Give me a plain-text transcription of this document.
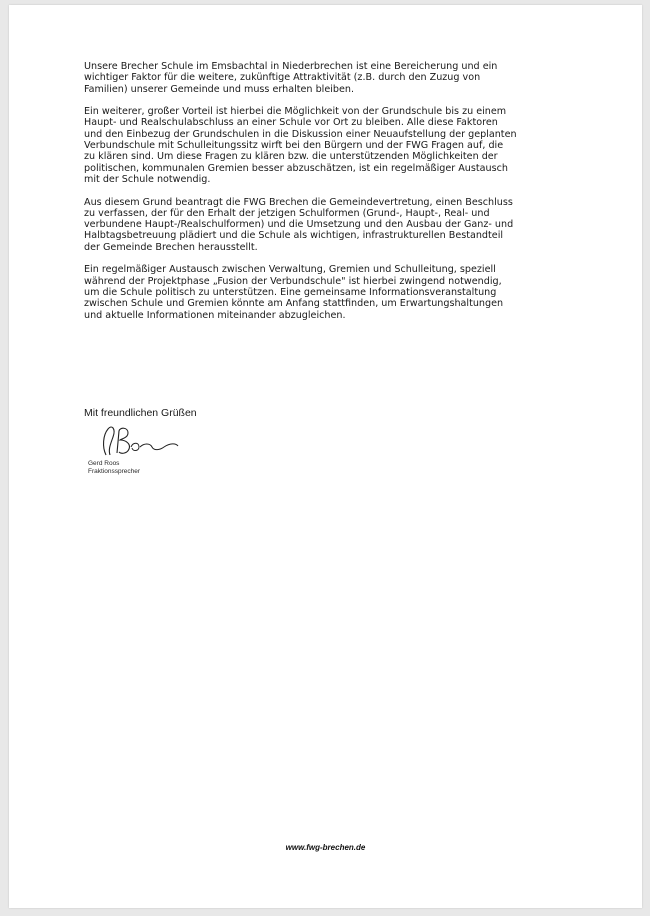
Unsere Brecher Schule im Emsbachtal in Niederbrechen ist eine Bereicherung und ein
wichtiger Faktor für die weitere, zukünftige Attraktivität (z.B. durch den Zuzug von
Familien) unserer Gemeinde und muss erhalten bleiben.

Ein weiterer, großer Vorteil ist hierbei die Möglichkeit von der Grundschule bis zu einem
Haupt- und Realschulabschluss an einer Schule vor Ort zu bleiben. Alle diese Faktoren
und den Einbezug der Grundschulen in die Diskussion einer Neuaufstellung der geplanten
Verbundschule mit Schulleitungssitz wirft bei den Bürgern und der FWG Fragen auf, die
zu klären sind. Um diese Fragen zu klären bzw. die unterstützenden Möglichkeiten der
politischen, kommunalen Gremien besser abzuschätzen, ist ein regelmäßiger Austausch
mit der Schule notwendig.

Aus diesem Grund beantragt die FWG Brechen die Gemeindevertretung, einen Beschluss
zu verfassen, der für den Erhalt der jetzigen Schulformen (Grund-, Haupt-, Real- und
verbundene Haupt-/Realschulformen) und die Umsetzung und den Ausbau der Ganz- und
Halbtagsbetreuung plädiert und die Schule als wichtigen, infrastrukturellen Bestandteil
der Gemeinde Brechen herausstellt.

Ein regelmäßiger Austausch zwischen Verwaltung, Gremien und Schulleitung, speziell
während der Projektphase „Fusion der Verbundschule" ist hierbei zwingend notwendig,
um die Schule politisch zu unterstützen. Eine gemeinsame Informationsveranstaltung
zwischen Schule und Gremien könnte am Anfang stattfinden, um Erwartungshaltungen
und aktuelle Informationen miteinander abzugleichen.

Mit freundlichen Grüßen
Gerd Roos
Fraktionssprecher
www.fwg-brechen.de
